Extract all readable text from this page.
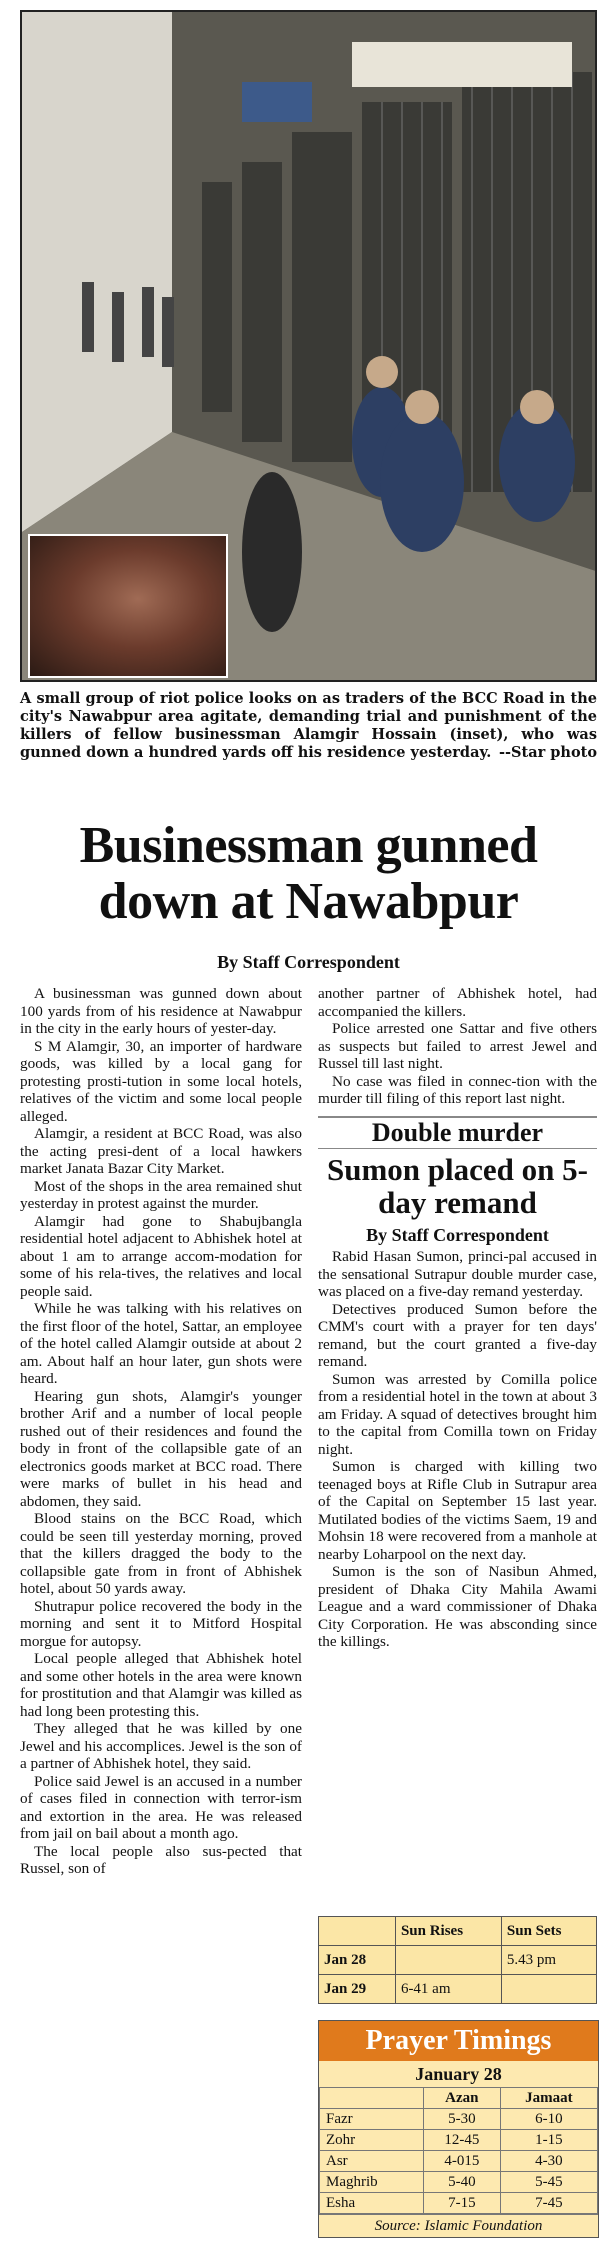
A small group of riot police looks on as traders of the BCC Road in the city's Nawabpur area agitate, demanding trial and punishment of the killers of fellow businessman Alamgir Hossain (inset), who was gunned down a hundred yards off his residence yesterday. --Star photo
Businessman gunned down at Nawabpur
By Staff Correspondent

A businessman was gunned down about 100 yards from of his residence at Nawabpur in the city in the early hours of yester-day.

S M Alamgir, 30, an importer of hardware goods, was killed by a local gang for protesting prosti-tution in some local hotels, relatives of the victim and some local people alleged.

Alamgir, a resident at BCC Road, was also the acting presi-dent of a local hawkers market Janata Bazar City Market.

Most of the shops in the area remained shut yesterday in protest against the murder.

Alamgir had gone to Shabujbangla residential hotel adjacent to Abhishek hotel at about 1 am to arrange accom-modation for some of his rela-tives, the relatives and local people said.

While he was talking with his relatives on the first floor of the hotel, Sattar, an employee of the hotel called Alamgir outside at about 2 am. About half an hour later, gun shots were heard.

Hearing gun shots, Alamgir's younger brother Arif and a number of local people rushed out of their residences and found the body in front of the collapsible gate of an electronics goods market at BCC road. There were marks of bullet in his head and abdomen, they said.

Blood stains on the BCC Road, which could be seen till yesterday morning, proved that the killers dragged the body to the collapsible gate from in front of Abhishek hotel, about 50 yards away.

Shutrapur police recovered the body in the morning and sent it to Mitford Hospital morgue for autopsy.

Local people alleged that Abhishek hotel and some other hotels in the area were known for prostitution and that Alamgir was killed as had long been protesting this.

They alleged that he was killed by one Jewel and his accomplices. Jewel is the son of a partner of Abhishek hotel, they said.

Police said Jewel is an accused in a number of cases filed in connection with terror-ism and extortion in the area. He was released from jail on bail about a month ago.

The local people also sus-pected that Russel, son of

another partner of Abhishek hotel, had accompanied the killers.

Police arrested one Sattar and five others as suspects but failed to arrest Jewel and Russel till last night.

No case was filed in connec-tion with the murder till filing of this report last night.

Double murder
Sumon placed on 5-day remand
By Staff Correspondent

Rabid Hasan Sumon, princi-pal accused in the sensational Sutrapur double murder case, was placed on a five-day remand yesterday.

Detectives produced Sumon before the CMM's court with a prayer for ten days' remand, but the court granted a five-day remand.

Sumon was arrested by Comilla police from a residential hotel in the town at about 3 am Friday. A squad of detectives brought him to the capital from Comilla town on Friday night.

Sumon is charged with killing two teenaged boys at Rifle Club in Sutrapur area of the Capital on September 15 last year. Mutilated bodies of the victims Saem, 19 and Mohsin 18 were recovered from a manhole at nearby Loharpool on the next day.

Sumon is the son of Nasibun Ahmed, president of Dhaka City Mahila Awami League and a ward commissioner of Dhaka City Corporation. He was absconding since the killings.

	Sun Rises	Sun Sets
Jan 28		5.43 pm
Jan 29	6-41 am	
Prayer Timings
January 28
	Azan	Jamaat
Fazr	5-30	6-10
Zohr	12-45	1-15
Asr	4-015	4-30
Maghrib	5-40	5-45
Esha	7-15	7-45
Source: Islamic Foundation
